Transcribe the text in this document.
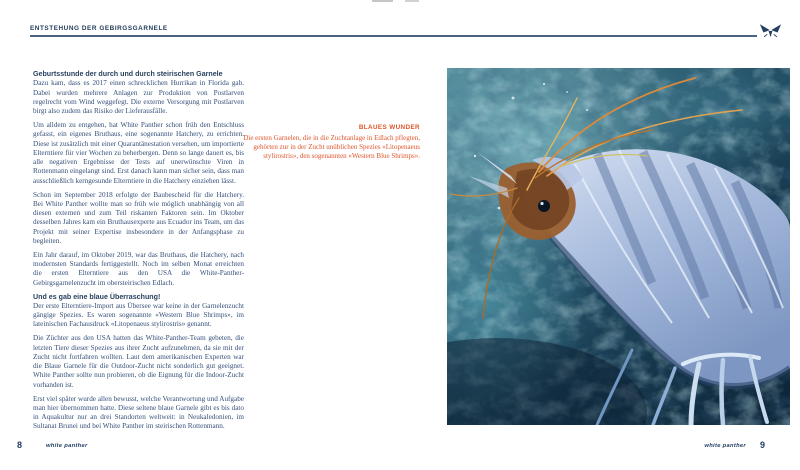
ENTSTEHUNG DER GEBIRGSGARNELE
Geburtsstunde der durch und durch steirischen Garnele

Dazu kam, dass es 2017 einen schrecklichen Hurrikan in Florida gab. Dabei wurden mehrere Anlagen zur Produktion von Postlarven regelrecht vom Wind weggefegt. Die externe Versorgung mit Postlarven birgt also zudem das Risiko der Lieferausfälle.

Um alldem zu entgehen, hat White Panther schon früh den Entschluss gefasst, ein eigenes Bruthaus, eine sogenannte Hatchery, zu errichten. Diese ist zusätzlich mit einer Quarantänestation versehen, um importierte Elterntiere für vier Wochen zu beherbergen. Denn so lange dauert es, bis alle negativen Ergebnisse der Tests auf unerwünschte Viren in Rottenmann eingelangt sind. Erst danach kann man sicher sein, dass man ausschließlich kerngesunde Elterntiere in die Hatchery einziehen lässt.

Schon im September 2018 erfolgte der Baubescheid für die Hatchery. Bei White Panther wollte man so früh wie möglich unabhängig von all diesen externen und zum Teil riskanten Faktoren sein. Im Oktober desselben Jahres kam ein Bruthausexperte aus Ecuador ins Team, um das Projekt mit seiner Expertise insbesondere in der Anfangsphase zu begleiten.

Ein Jahr darauf, im Oktober 2019, war das Bruthaus, die Hatchery, nach modernsten Standards fertiggestellt. Noch im selben Monat erreichten die ersten Elterntiere aus den USA die White-Panther-Gebirgsgarnelenzucht im obersteirischen Edlach.

Und es gab eine blaue Überraschung!

Der erste Elterntiere-Import aus Übersee war keine in der Garnelenzucht gängige Spezies. Es waren sogenannte «Western Blue Shrimps», im lateinischen Fachausdruck «Litopenaeus stylirostris» genannt.

Die Züchter aus den USA hatten das White-Panther-Team gebeten, die letzten Tiere dieser Spezies aus ihrer Zucht aufzunehmen, da sie mit der Zucht nicht fortfahren wollten. Laut dem amerikanischen Experten war die Blaue Garnele für die Outdoor-Zucht nicht sonderlich gut geeignet. White Panther sollte nun probieren, ob die Eignung für die Indoor-Zucht vorhanden ist.

Erst viel später wurde allen bewusst, welche Verantwortung und Aufgabe man hier übernommen hatte. Diese seltene blaue Garnele gibt es bis dato in Aquakultur nur an drei Standorten weltweit: in Neukaledonien, im Sultanat Brunei und bei White Panther im steirischen Rottenmann.

BLAUES WUNDER
Die ersten Garnelen, die in die Zuchtanlage in Edlach pflegten, gehörten zur in der Zucht unüblichen Spezies «Litopenaeus stylirostris», den sogenannten «Western Blue Shrimps».
8	white panther	white panther 9
